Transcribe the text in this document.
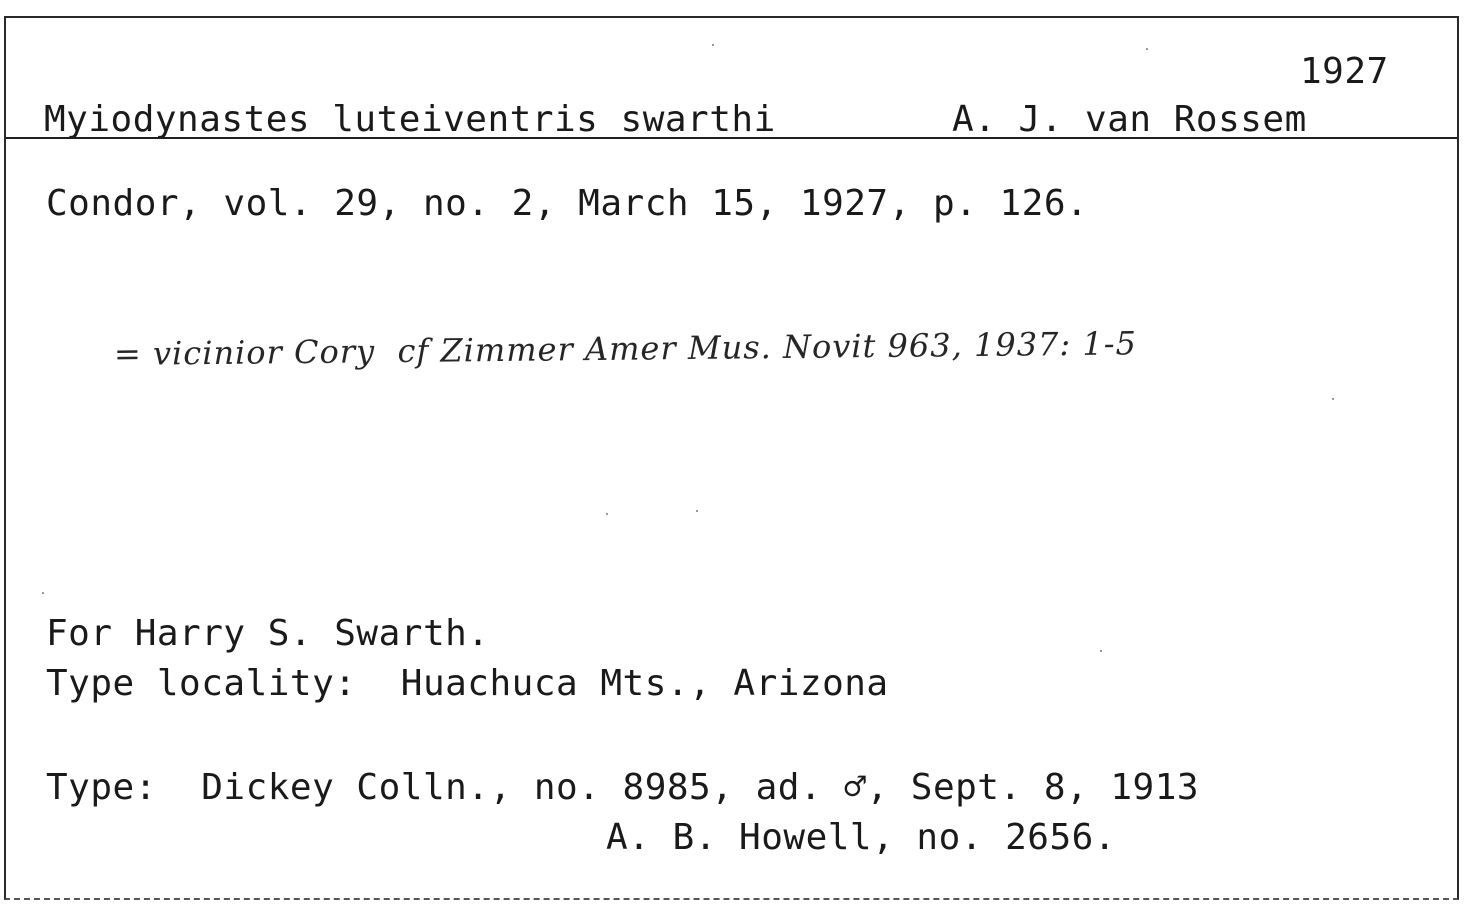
1927
Myiodynastes luteiventris swarthi	A. J. van Rossem
Condor, vol. 29, no. 2, March 15, 1927, p. 126.
= vicinior Cory  cf Zimmer Amer Mus. Novit 963, 1937: 1-5
For Harry S. Swarth.
Type locality:  Huachuca Mts., Arizona
Type:  Dickey Colln., no. 8985, ad. ♂, Sept. 8, 1913
A. B. Howell, no. 2656.
